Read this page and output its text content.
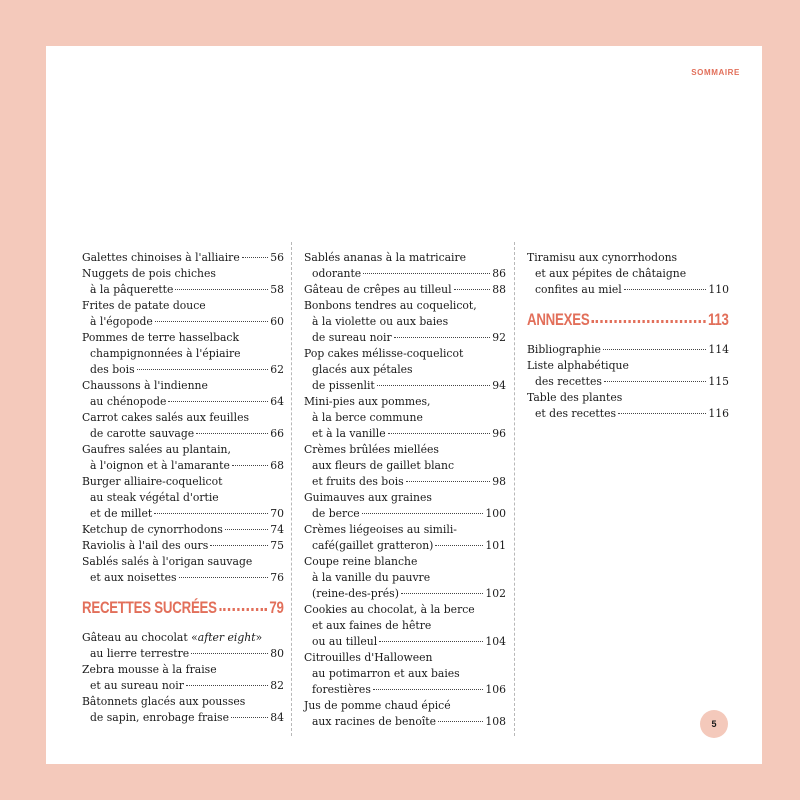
SOMMAIRE
Galettes chinoises à l'alliaire	56
Nuggets de pois chiches
à la pâquerette	58
Frites de patate douce
à l'égopode	60
Pommes de terre hasselback
champignonnées à l'épiaire
des bois	62
Chaussons à l'indienne
au chénopode	64
Carrot cakes salés aux feuilles
de carotte sauvage	66
Gaufres salées au plantain,
à l'oignon et à l'amarante	68
Burger alliaire-coquelicot
au steak végétal d'ortie
et de millet	70
Ketchup de cynorrhodons	74
Raviolis à l'ail des ours	75
Sablés salés à l'origan sauvage
et aux noisettes	76
RECETTES SUCRÉES	79
Gâteau au chocolat «after eight»
au lierre terrestre	80
Zebra mousse à la fraise
et au sureau noir	82
Bâtonnets glacés aux pousses
de sapin, enrobage fraise	84
Sablés ananas à la matricaire
odorante	86
Gâteau de crêpes au tilleul	88
Bonbons tendres au coquelicot,
à la violette ou aux baies
de sureau noir	92
Pop cakes mélisse-coquelicot
glacés aux pétales
de pissenlit	94
Mini-pies aux pommes,
à la berce commune
et à la vanille	96
Crèmes brûlées miellées
aux fleurs de gaillet blanc
et fruits des bois	98
Guimauves aux graines
de berce	100
Crèmes liégeoises au simili-
café(gaillet gratteron)	101
Coupe reine blanche
à la vanille du pauvre
(reine-des-prés)	102
Cookies au chocolat, à la berce
et aux faines de hêtre
ou au tilleul	104
Citrouilles d'Halloween
au potimarron et aux baies
forestières	106
Jus de pomme chaud épicé
aux racines de benoîte	108
Tiramisu aux cynorrhodons
et aux pépites de châtaigne
confites au miel	110
ANNEXES	113
Bibliographie	114
Liste alphabétique
des recettes	115
Table des plantes
et des recettes	116
5
